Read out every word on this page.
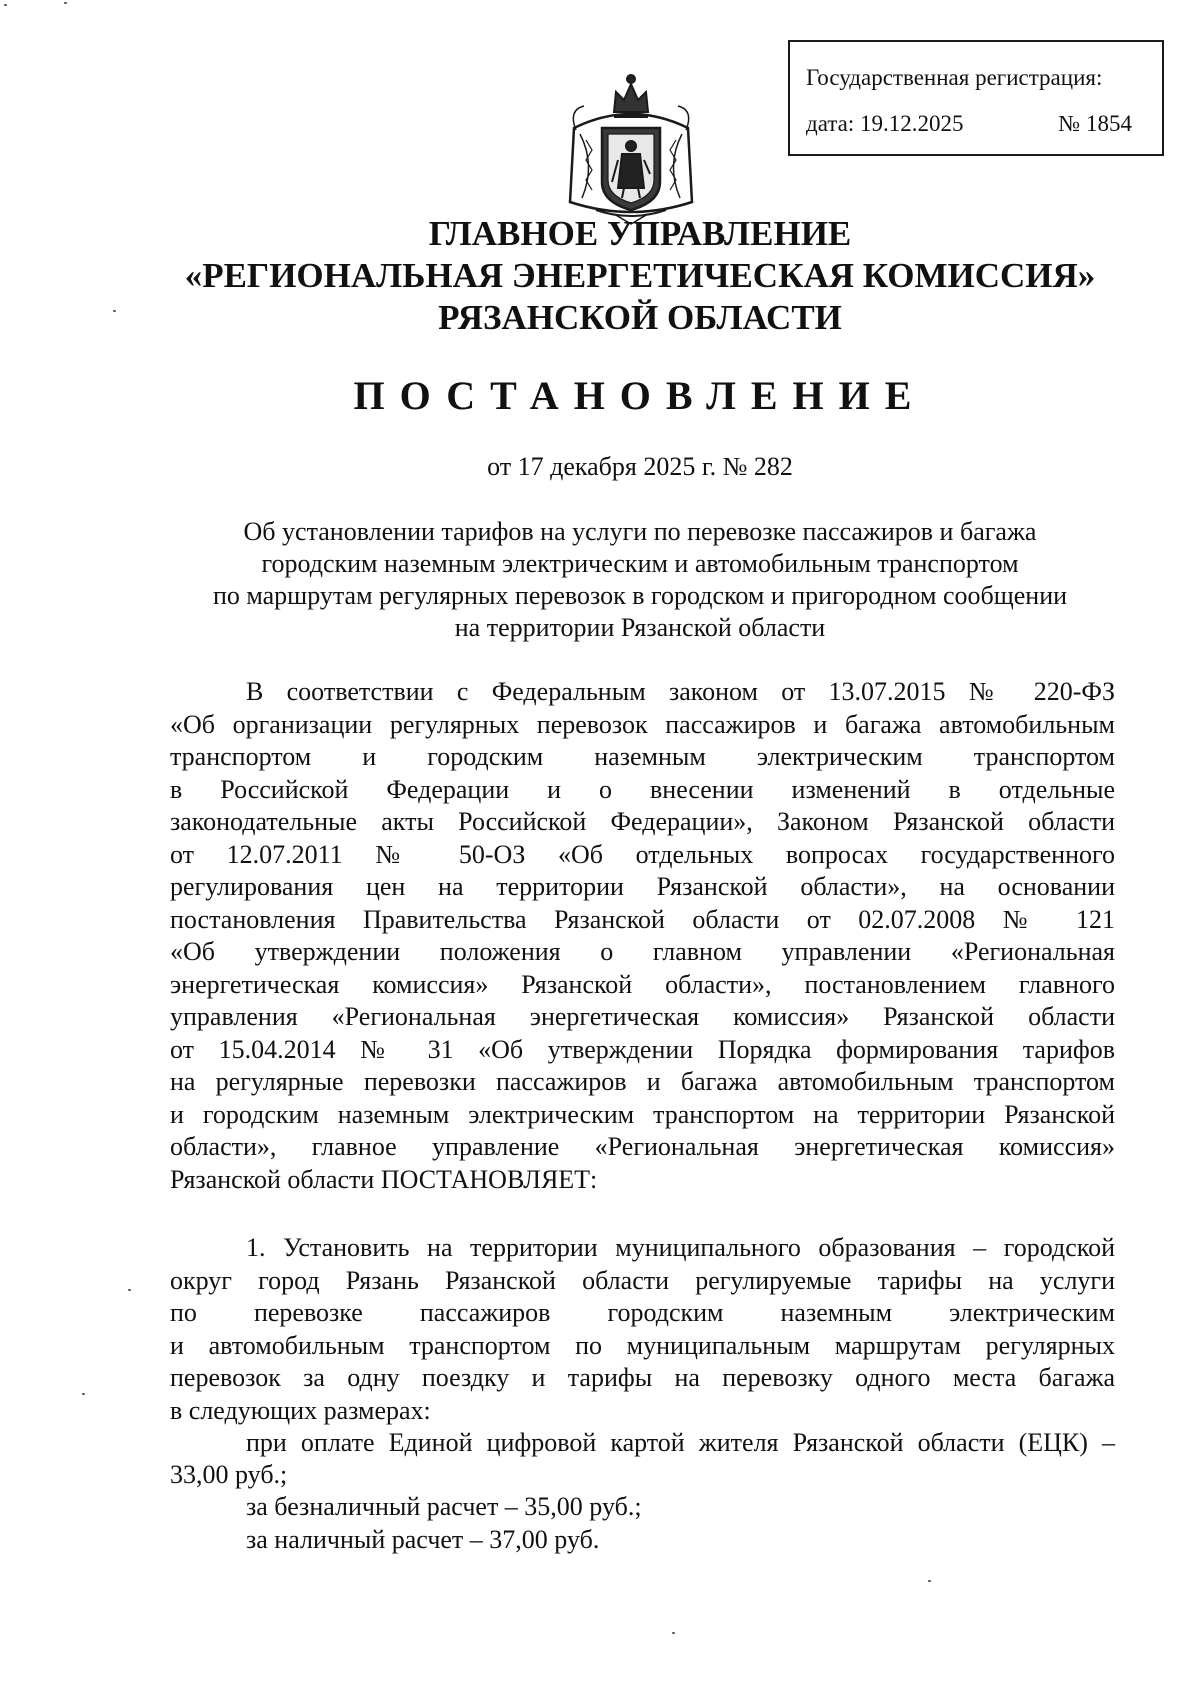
Государственная регистрация:
дата: 19.12.2025	№ 1854
ГЛАВНОЕ УПРАВЛЕНИЕ
«РЕГИОНАЛЬНАЯ ЭНЕРГЕТИЧЕСКАЯ КОМИССИЯ»
РЯЗАНСКОЙ ОБЛАСТИ
ПОСТАНОВЛЕНИЕ
от 17 декабря 2025 г. № 282
Об установлении тарифов на услуги по перевозке пассажиров и багажа
городским наземным электрическим и автомобильным транспортом
по маршрутам регулярных перевозок в городском и пригородном сообщении
на территории Рязанской области

В соответствии с Федеральным законом от 13.07.2015 № 220-ФЗ

«Об организации регулярных перевозок пассажиров и багажа автомобильным

транспортом и городским наземным электрическим транспортом

в Российской Федерации и о внесении изменений в отдельные

законодательные акты Российской Федерации», Законом Рязанской области

от 12.07.2011 № 50-ОЗ «Об отдельных вопросах государственного

регулирования цен на территории Рязанской области», на основании

постановления Правительства Рязанской области от 02.07.2008 № 121

«Об утверждении положения о главном управлении «Региональная

энергетическая комиссия» Рязанской области», постановлением главного

управления «Региональная энергетическая комиссия» Рязанской области

от 15.04.2014 № 31 «Об утверждении Порядка формирования тарифов

на регулярные перевозки пассажиров и багажа автомобильным транспортом

и городским наземным электрическим транспортом на территории Рязанской

области», главное управление «Региональная энергетическая комиссия»

Рязанской области ПОСТАНОВЛЯЕТ:

1. Установить на территории муниципального образования – городской

округ город Рязань Рязанской области регулируемые тарифы на услуги

по перевозке пассажиров городским наземным электрическим

и автомобильным транспортом по муниципальным маршрутам регулярных

перевозок за одну поездку и тарифы на перевозку одного места багажа

в следующих размерах:

при оплате Единой цифровой картой жителя Рязанской области (ЕЦК) –

33,00 руб.;
за безналичный расчет – 35,00 руб.;
за наличный расчет – 37,00 руб.
